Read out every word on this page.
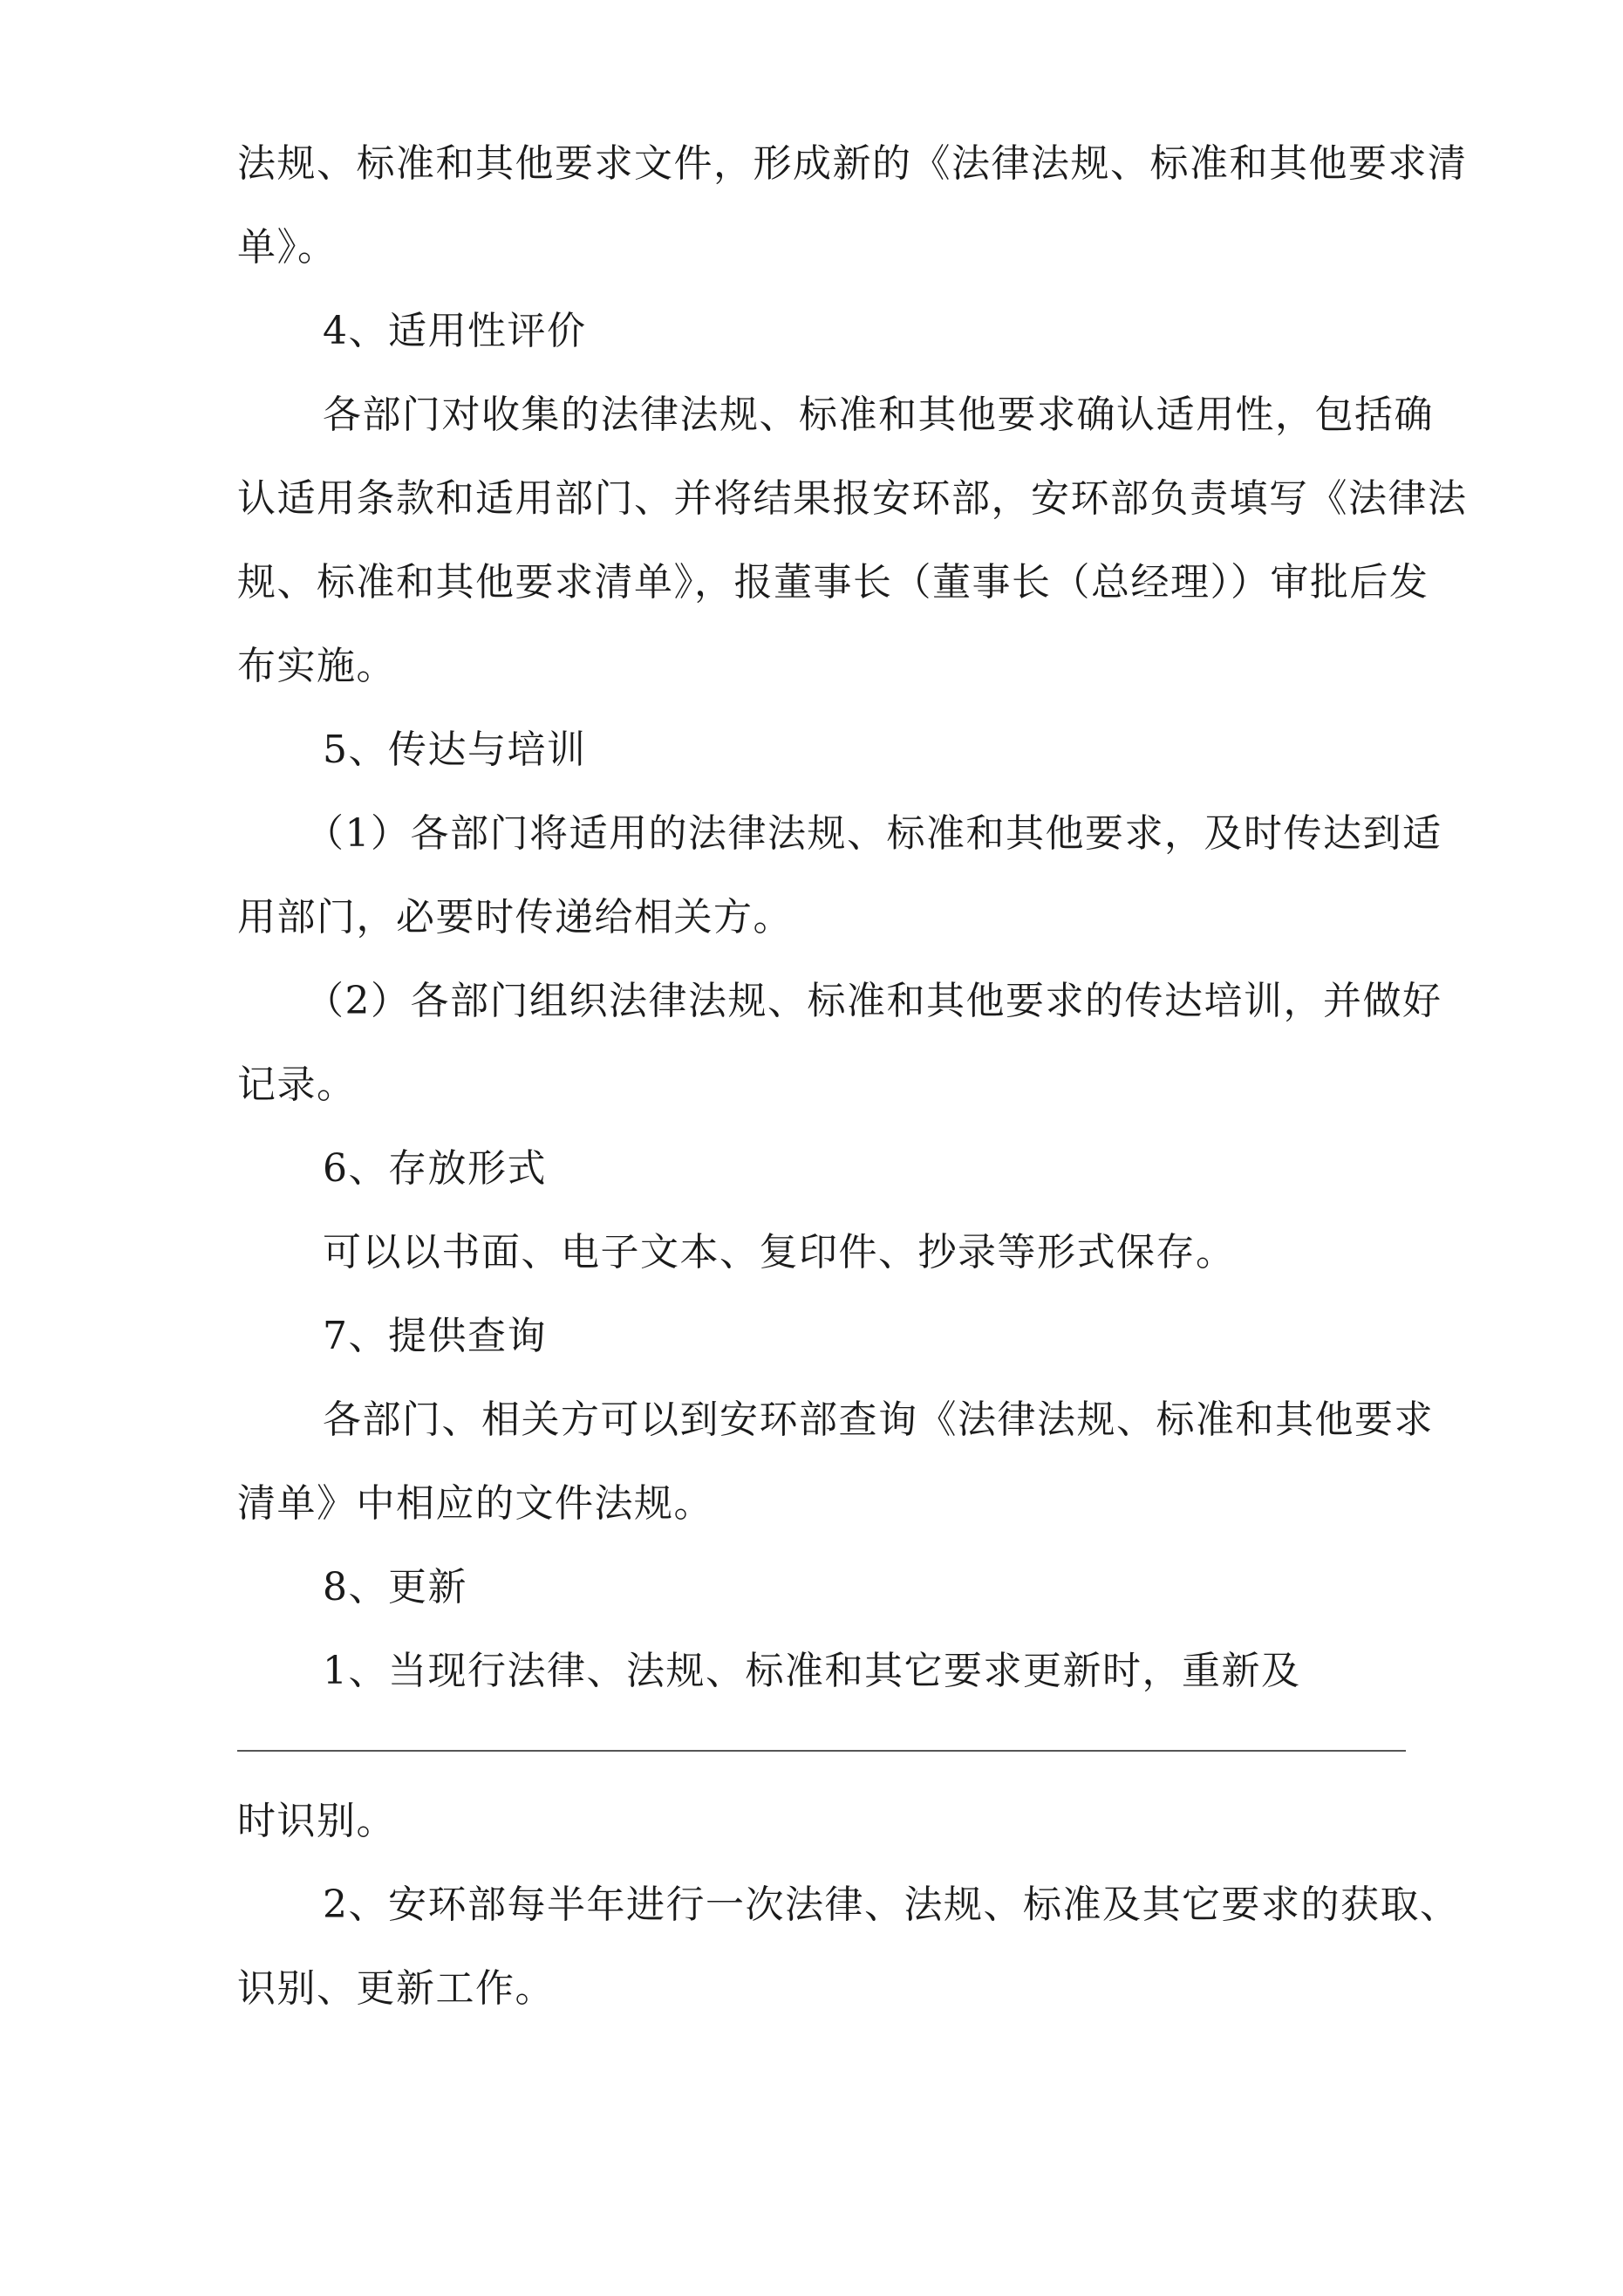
法规、标准和其他要求文件，形成新的《法律法规、标准和其他要求清
单》。
4、适用性评价
各部门对收集的法律法规、标准和其他要求确认适用性，包括确
认适用条款和适用部门、并将结果报安环部，安环部负责填写《法律法
规、标准和其他要求清单》，报董事长（董事长（总经理））审批后发
布实施。
5、传达与培训
（1）各部门将适用的法律法规、标准和其他要求，及时传达到适
用部门，必要时传递给相关方。
（2）各部门组织法律法规、标准和其他要求的传达培训，并做好
记录。
6、存放形式
可以以书面、电子文本、复印件、抄录等形式保存。
7、提供查询
各部门、相关方可以到安环部查询《法律法规、标准和其他要求
清单》中相应的文件法规。
8、更新
1、当现行法律、法规、标准和其它要求更新时，重新及
时识别。
2、安环部每半年进行一次法律、法规、标准及其它要求的获取、
识别、更新工作。
